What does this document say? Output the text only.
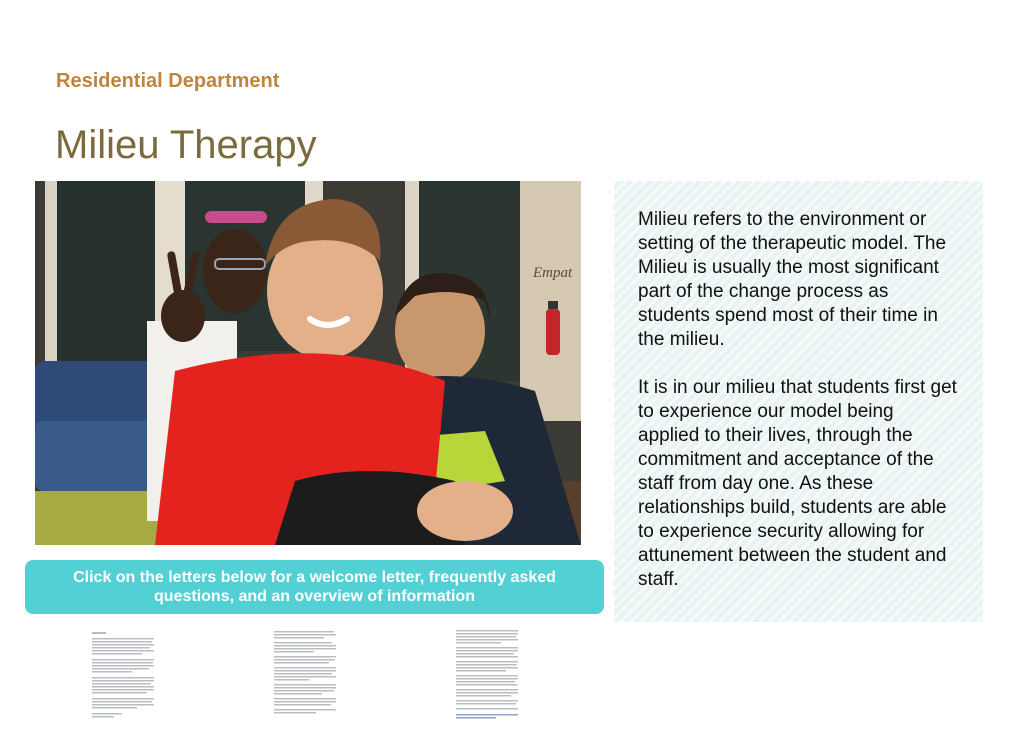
Residential Department
Milieu Therapy
Empat

Milieu refers to the environment or setting of the therapeutic model. The Milieu is usually the most significant part of the change process as students spend most of their time in the milieu.

It is in our milieu that students first get to experience our model being applied to their lives, through the commitment and acceptance of the staff from day one. As these relationships build, students are able to experience security allowing for attunement between the student and staff.

Click on the letters below for a welcome letter, frequently asked questions, and an overview of information
